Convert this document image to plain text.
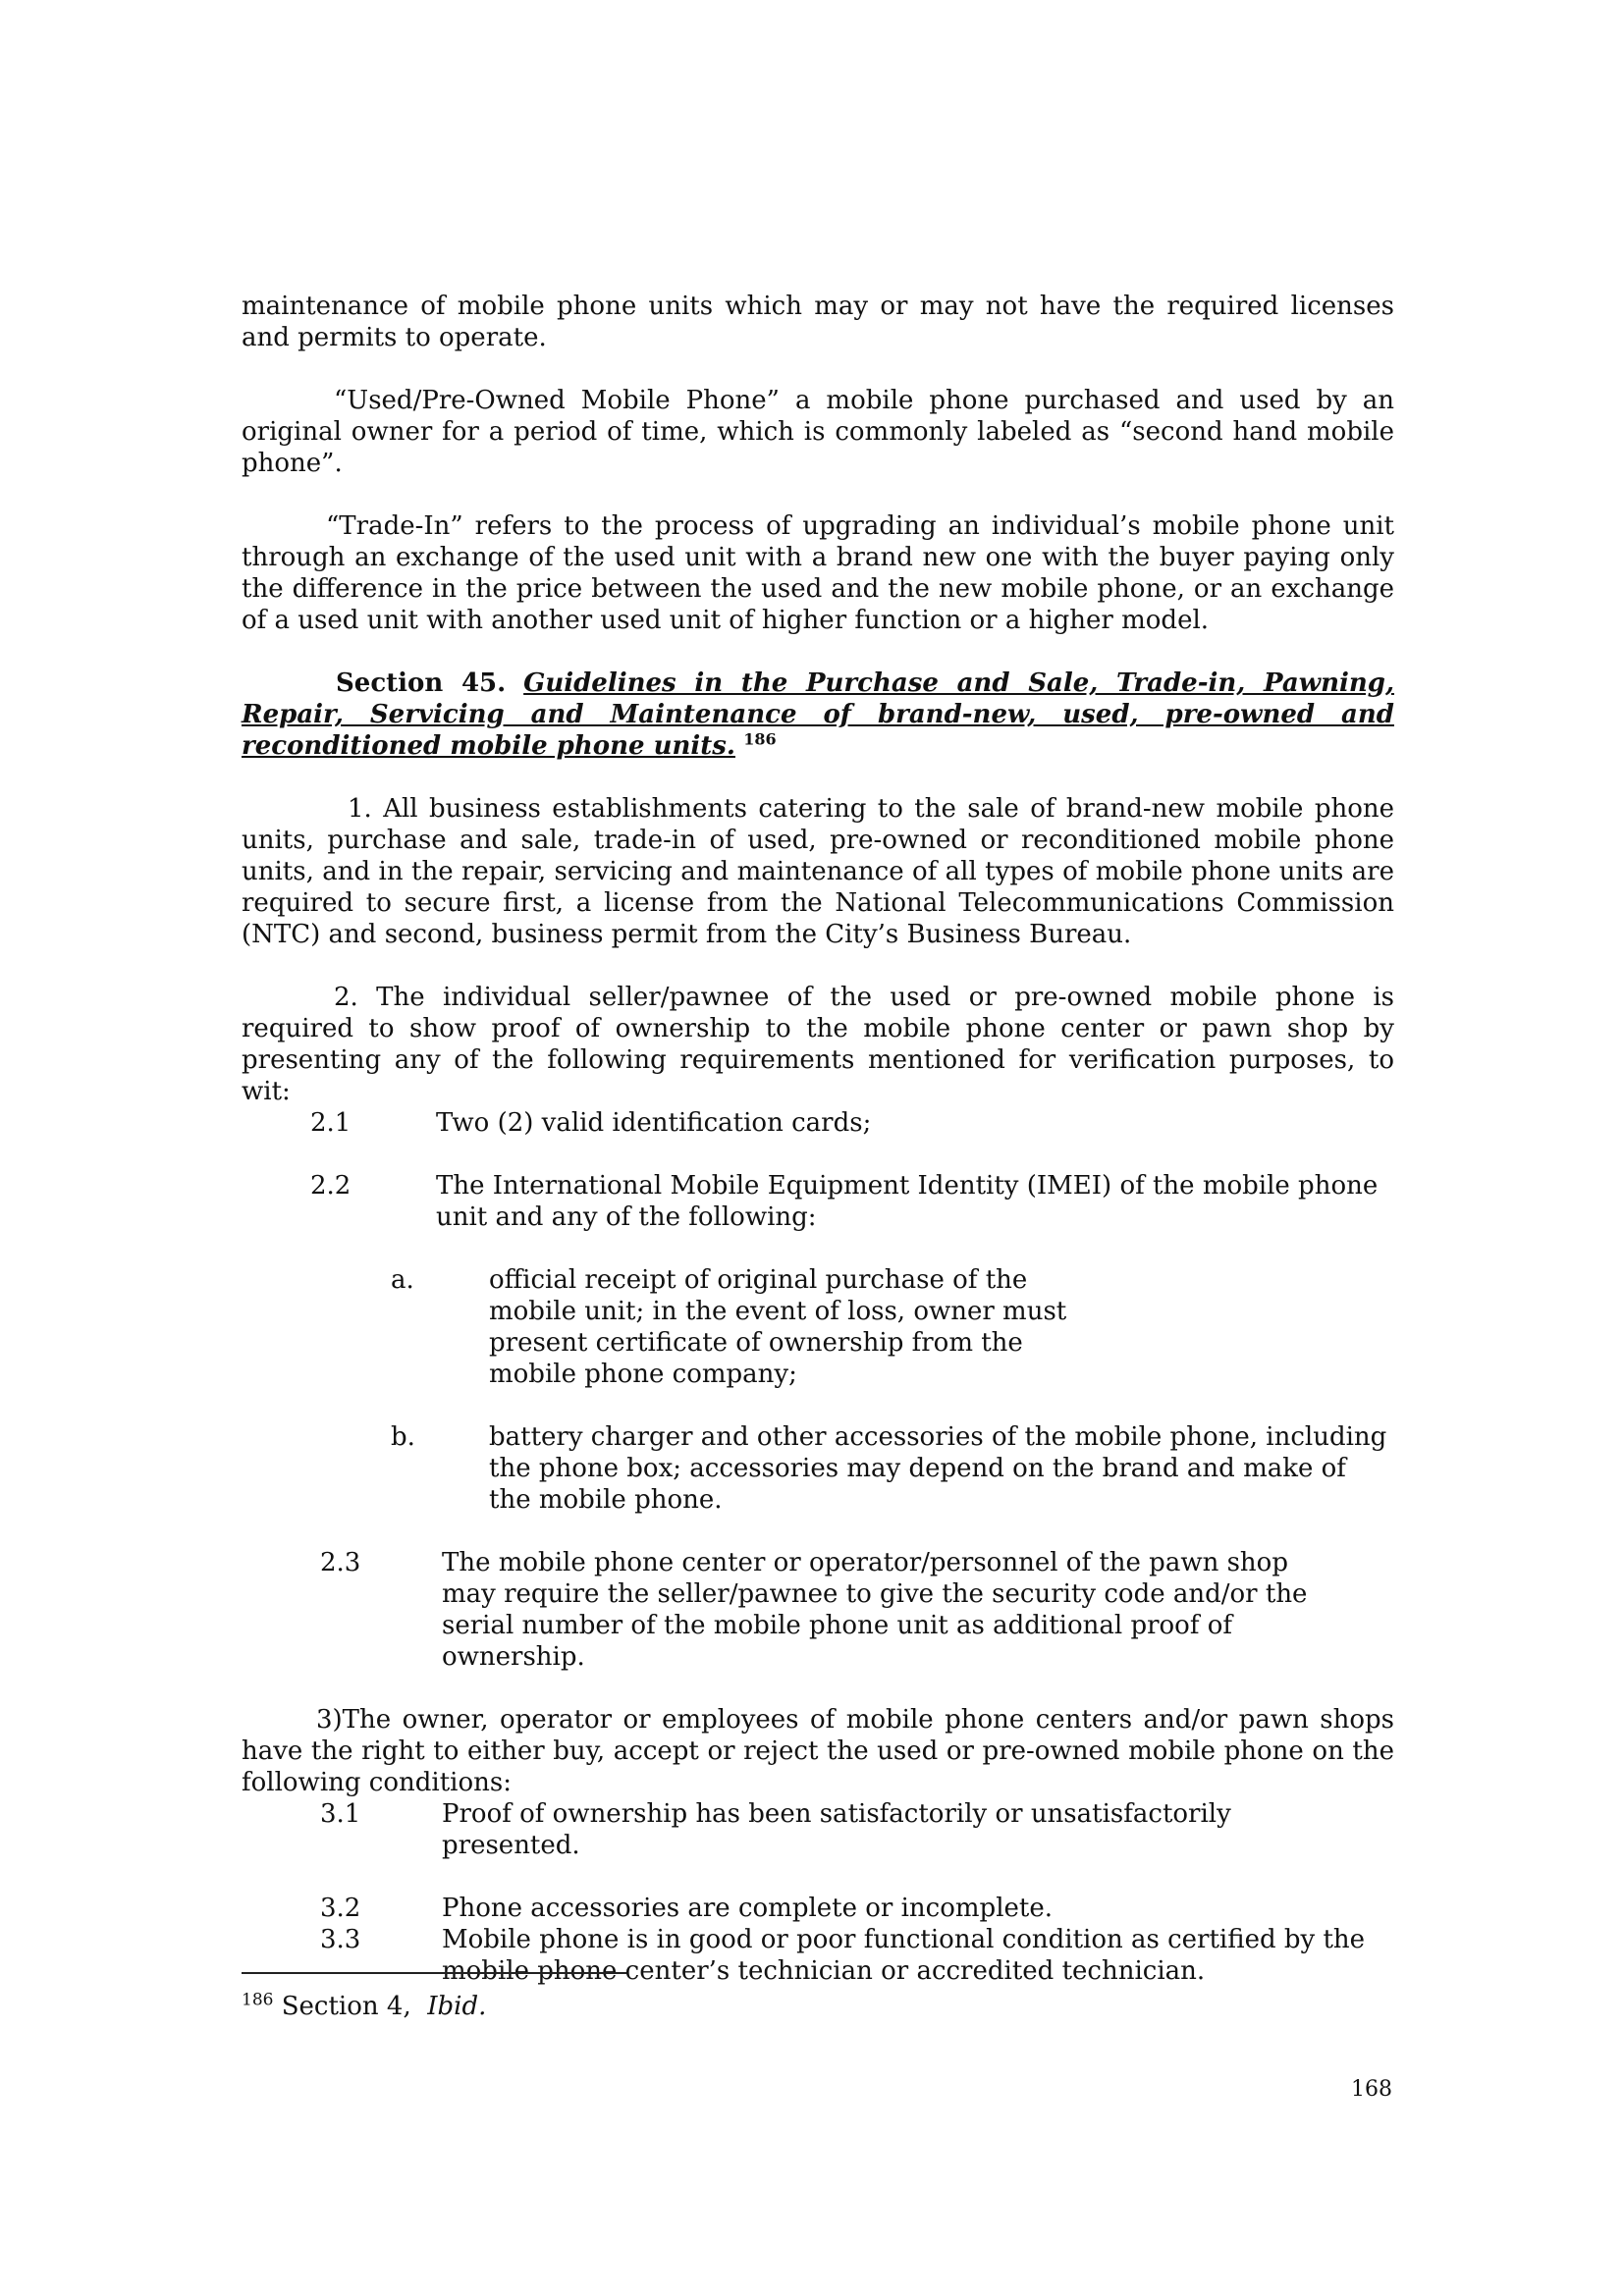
maintenance of mobile phone units which may or may not have the required licenses and permits to operate.

“Used/Pre-Owned Mobile Phone” a mobile phone purchased and used by an original owner for a period of time, which is commonly labeled as “second hand mobile phone”.

“Trade-In” refers to the process of upgrading an individual’s mobile phone unit through an exchange of the used unit with a brand new one with the buyer paying only the difference in the price between the used and the new mobile phone, or an exchange of a used unit with another used unit of higher function or a higher model.

Section 45. Guidelines in the Purchase and Sale, Trade-in, Pawning, Repair, Servicing and Maintenance of brand-new, used, pre-owned and reconditioned mobile phone units. $^{186}$

1. All business establishments catering to the sale of brand-new mobile phone units, purchase and sale, trade-in of used, pre-owned or reconditioned mobile phone units, and in the repair, servicing and maintenance of all types of mobile phone units are required to secure first, a license from the National Telecommunications Commission (NTC) and second, business permit from the City’s Business Bureau.

2. The individual seller/pawnee of the used or pre-owned mobile phone is required to show proof of ownership to the mobile phone center or pawn shop by presenting any of the following requirements mentioned for verification purposes, to wit:

2.1	Two (2) valid identification cards;
2.2	The International Mobile Equipment Identity (IMEI) of the mobile phone unit and any of the following:
a.	official receipt of original purchase of the mobile unit; in the event of loss, owner must present certificate of ownership from the mobile phone company;
b.	battery charger and other accessories of the mobile phone, including the phone box; accessories may depend on the brand and make of the mobile phone.
2.3	The mobile phone center or operator/personnel of the pawn shop may require the seller/pawnee to give the security code and/or the serial number of the mobile phone unit as additional proof of ownership.

3)The owner, operator or employees of mobile phone centers and/or pawn shops have the right to either buy, accept or reject the used or pre-owned mobile phone on the following conditions:

3.1	Proof of ownership has been satisfactorily or unsatisfactorily presented.
3.2	Phone accessories are complete or incomplete.
3.3	Mobile phone is in good or poor functional condition as certified by the mobile phone center’s technician or accredited technician.
$^{186}$ Section 4, Ibid.
168
